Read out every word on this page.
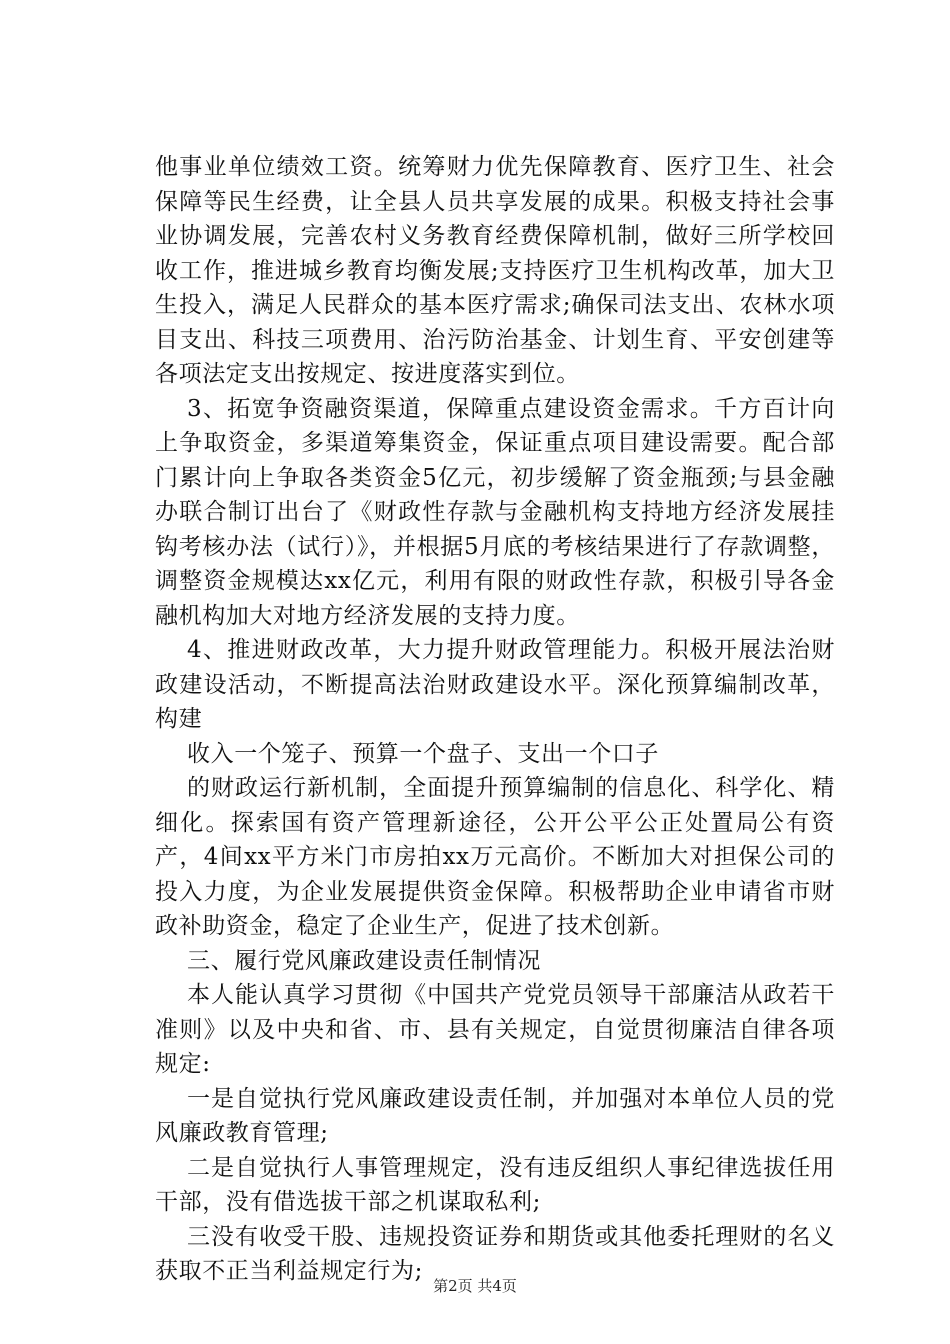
他事业单位绩效工资。统筹财力优先保障教育、医疗卫生、社会保障等民生经费，让全县人员共享发展的成果。积极支持社会事业协调发展，完善农村义务教育经费保障机制，做好三所学校回收工作，推进城乡教育均衡发展;支持医疗卫生机构改革，加大卫生投入，满足人民群众的基本医疗需求;确保司法支出、农林水项目支出、科技三项费用、治污防治基金、计划生育、平安创建等各项法定支出按规定、按进度落实到位。

3、拓宽争资融资渠道，保障重点建设资金需求。千方百计向上争取资金，多渠道筹集资金，保证重点项目建设需要。配合部门累计向上争取各类资金5亿元，初步缓解了资金瓶颈;与县金融办联合制订出台了《财政性存款与金融机构支持地方经济发展挂钩考核办法（试行）》，并根据5月底的考核结果进行了存款调整，调整资金规模达xx亿元，利用有限的财政性存款，积极引导各金融机构加大对地方经济发展的支持力度。

4、推进财政改革，大力提升财政管理能力。积极开展法治财政建设活动，不断提高法治财政建设水平。深化预算编制改革，构建

收入一个笼子、预算一个盘子、支出一个口子

的财政运行新机制，全面提升预算编制的信息化、科学化、精细化。探索国有资产管理新途径，公开公平公正处置局公有资产，4间xx平方米门市房拍xx万元高价。不断加大对担保公司的投入力度，为企业发展提供资金保障。积极帮助企业申请省市财政补助资金，稳定了企业生产，促进了技术创新。

三、履行党风廉政建设责任制情况

本人能认真学习贯彻《中国共产党党员领导干部廉洁从政若干准则》以及中央和省、市、县有关规定，自觉贯彻廉洁自律各项规定:

一是自觉执行党风廉政建设责任制，并加强对本单位人员的党风廉政教育管理;

二是自觉执行人事管理规定，没有违反组织人事纪律选拔任用干部，没有借选拔干部之机谋取私利;

三没有收受干股、违规投资证券和期货或其他委托理财的名义获取不正当利益规定行为;

第2页 共4页
